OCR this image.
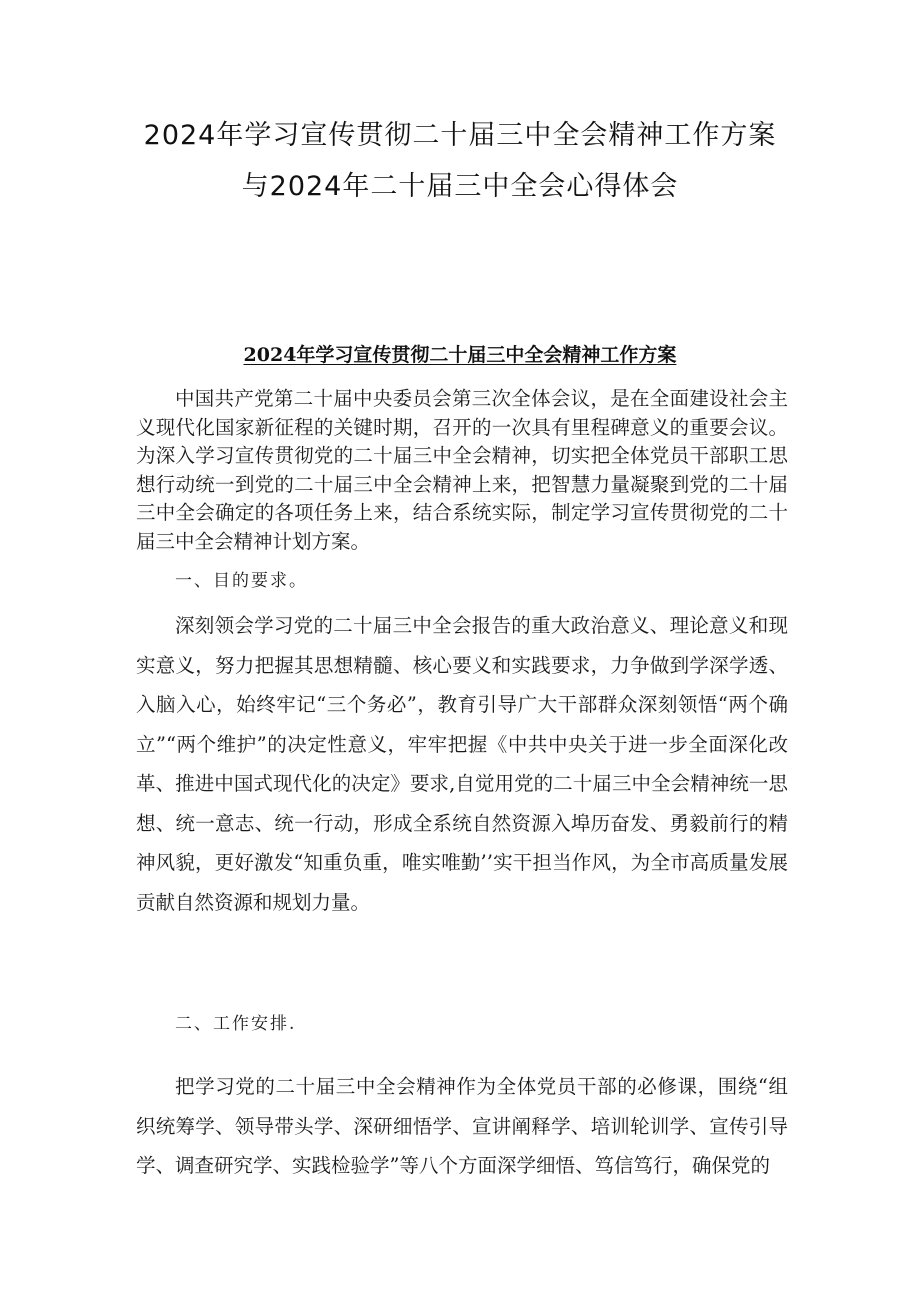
2024年学习宣传贯彻二十届三中全会精神工作方案
与2024年二十届三中全会心得体会
2024年学习宣传贯彻二十届三中全会精神工作方案

中国共产党第二十届中央委员会第三次全体会议，是在全面建设社会主义现代化国家新征程的关键时期，召开的一次具有里程碑意义的重要会议。为深入学习宣传贯彻党的二十届三中全会精神，切实把全体党员干部职工思想行动统一到党的二十届三中全会精神上来，把智慧力量凝聚到党的二十届三中全会确定的各项任务上来，结合系统实际，制定学习宣传贯彻党的二十届三中全会精神计划方案。

一、目的要求。

深刻领会学习党的二十届三中全会报告的重大政治意义、理论意义和现实意义，努力把握其思想精髓、核心要义和实践要求，力争做到学深学透、入脑入心，始终牢记“三个务必”，教育引导广大干部群众深刻领悟“两个确立”“两个维护”的决定性意义，牢牢把握《中共中央关于进一步全面深化改革、推进中国式现代化的决定》要求,自觉用党的二十届三中全会精神统一思想、统一意志、统一行动，形成全系统自然资源入埠历奋发、勇毅前行的精神风貌，更好激发“知重负重，唯实唯勤’’实干担当作风，为全市高质量发展贡献自然资源和规划力量。

二、工作安排.

把学习党的二十届三中全会精神作为全体党员干部的必修课，围绕“组织统筹学、领导带头学、深研细悟学、宣讲阐释学、培训轮训学、宣传引导学、调查研究学、实践检验学”等八个方面深学细悟、笃信笃行，确保党的
